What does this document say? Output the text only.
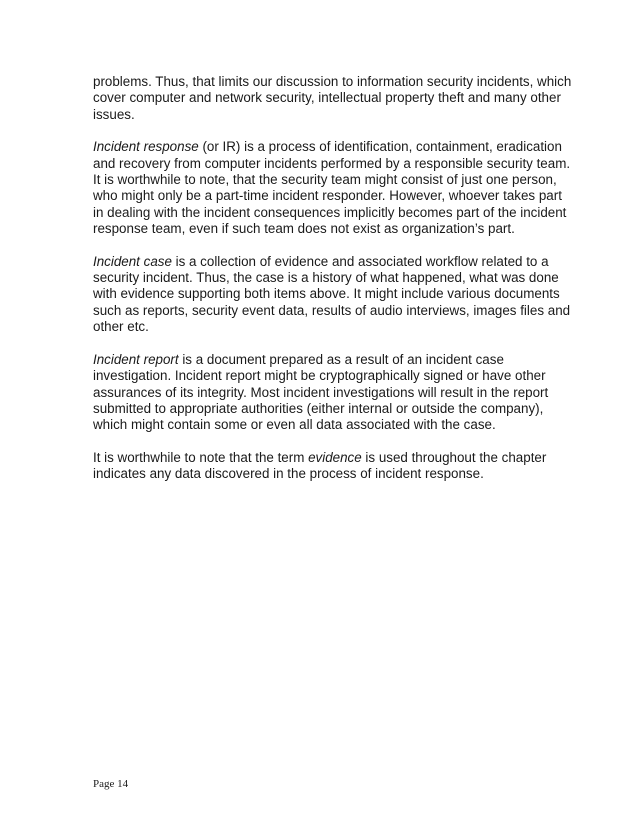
problems. Thus, that limits our discussion to information security incidents, which
cover computer and network security, intellectual property theft and many other
issues.

Incident response (or IR) is a process of identification, containment, eradication
and recovery from computer incidents performed by a responsible security team.
It is worthwhile to note, that the security team might consist of just one person,
who might only be a part-time incident responder. However, whoever takes part
in dealing with the incident consequences implicitly becomes part of the incident
response team, even if such team does not exist as organization’s part.

Incident case is a collection of evidence and associated workflow related to a
security incident. Thus, the case is a history of what happened, what was done
with evidence supporting both items above. It might include various documents
such as reports, security event data, results of audio interviews, images files and
other etc.

Incident report is a document prepared as a result of an incident case
investigation. Incident report might be cryptographically signed or have other
assurances of its integrity. Most incident investigations will result in the report
submitted to appropriate authorities (either internal or outside the company),
which might contain some or even all data associated with the case.

It is worthwhile to note that the term evidence is used throughout the chapter
indicates any data discovered in the process of incident response.

Page 14
